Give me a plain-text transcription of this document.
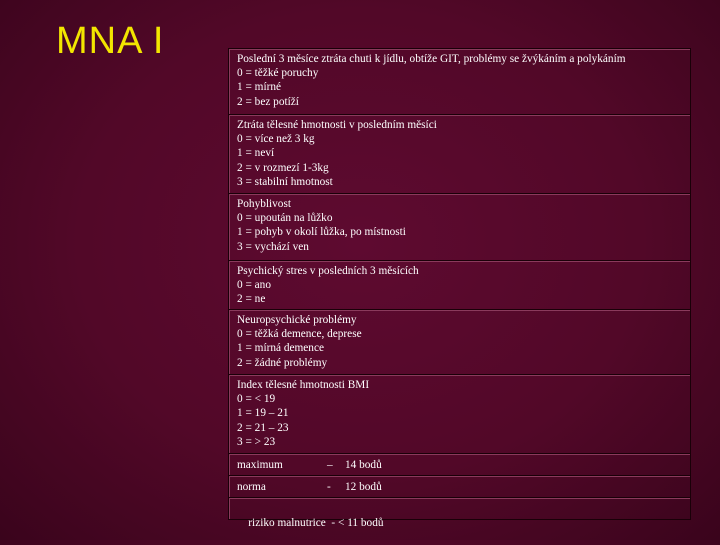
MNA I	Poslední 3 měsíce ztráta chuti k jídlu, obtíže GIT, problémy se žvýkáním a polykáním
0 = těžké poruchy
1 = mírné
2 = bez potíží
Ztráta tělesné hmotnosti v posledním měsíci
0 = více než 3 kg
1 = neví
2 = v rozmezí 1-3kg
3 = stabilní hmotnost
Pohyblivost
0 = upoután na lůžko
1 = pohyb v okolí lůžka, po místnosti
3 = vychází ven
Psychický stres v posledních 3 měsících
0 = ano
2 = ne
Neuropsychické problémy
0 = těžká demence, deprese
1 = mírná demence
2 = žádné problémy
Index tělesné hmotnosti BMI
0 = < 19
1 = 19 – 21
2 = 21 – 23
3 = > 23
maximum	– 14 bodů
norma	- 12 bodů

riziko malnutrice  - < 11 bodů
